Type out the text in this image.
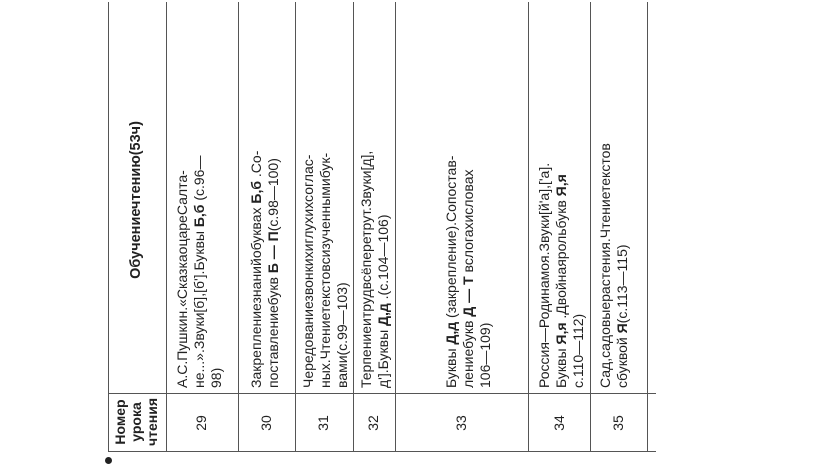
Номер урока чтения
Обучениечтению(53ч)
29
А.С.Пушкин.«СказкаоцареСалта- не...».Звуки[б],[б'].Буквы Б,б (с.96—
98)
30
Закреплениезнанийобуквах Б,б .Со-
поставлениебукв Б — П(с.98—100)
31
Чередованиезвонкихиглухихсоглас- ных.Чтениетекстовсизученнымибук- вами(с.99—103)
32
Терпениеитрудвсёперетрут.Звуки[д], д'].Буквы Д,д .(с.104—106)
33
Буквы Д,д (закрепление).Сопостав-
лениебукв Д — Т вслогахисловах
106—109)
34
Россия—Родинамоя.Звуки[й'а],['а]. Буквы Я,я .Двойнаярольбукв Я,я
с.110—112)
35
Сад,садовыерастения.Чтениетекстов сбуквой Я(с.113—115)
